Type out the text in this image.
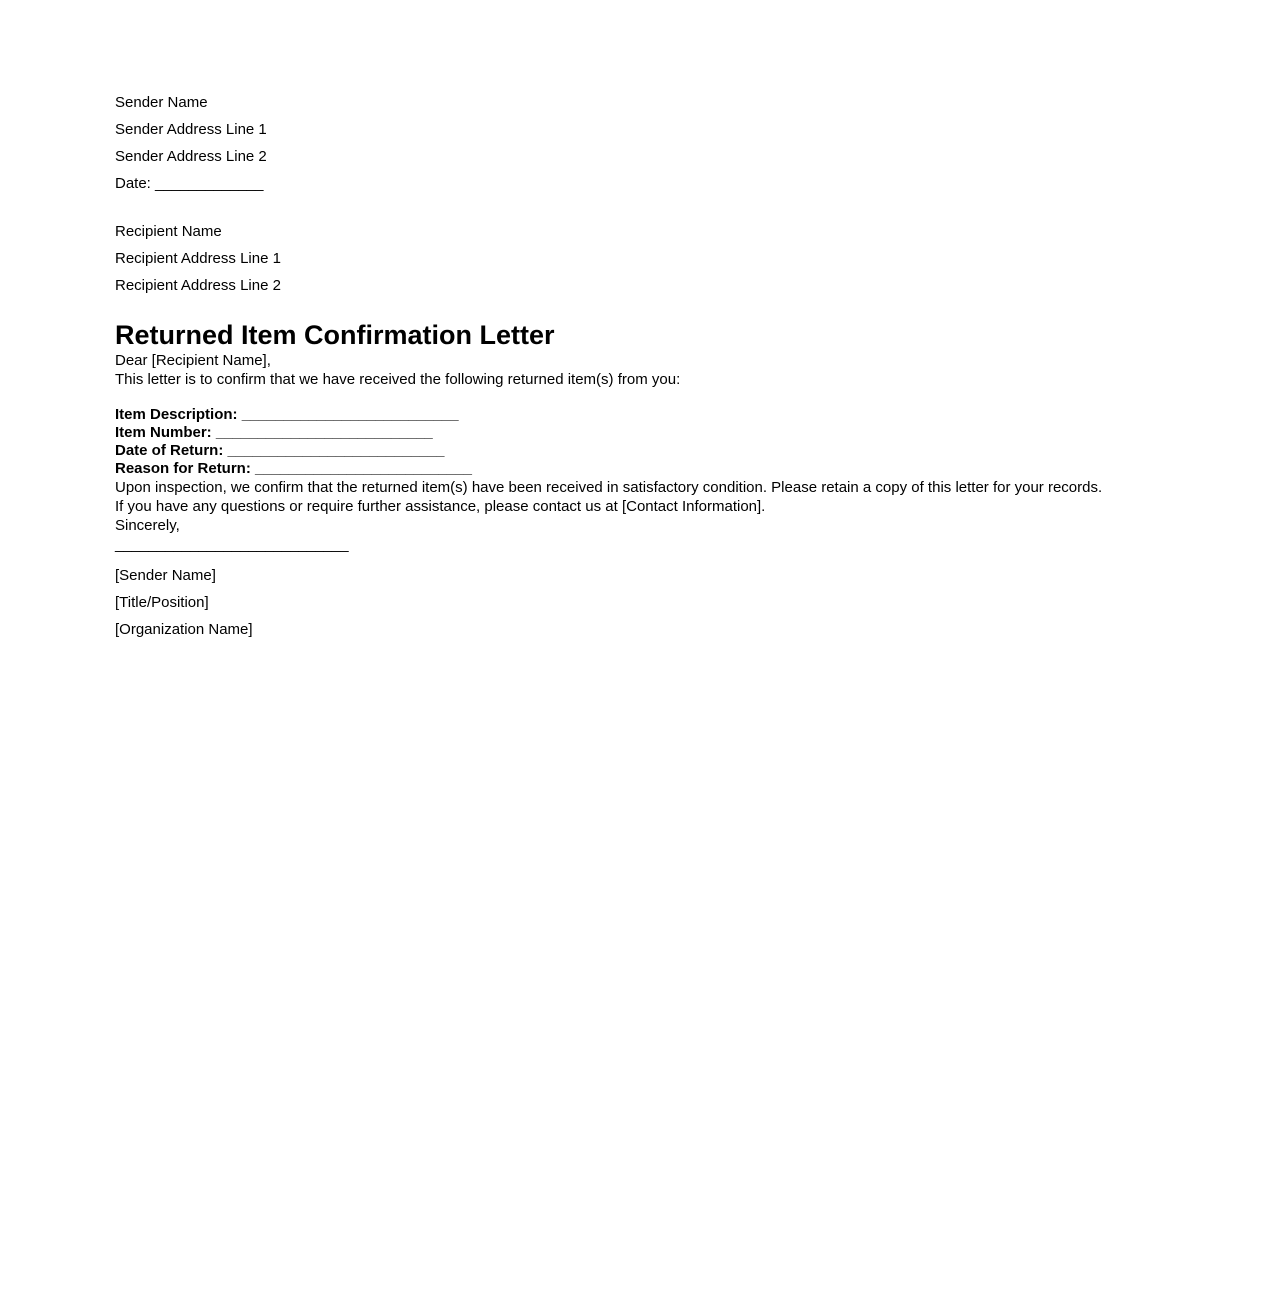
Sender Name

Sender Address Line 1

Sender Address Line 2

Date: _____________

Recipient Name

Recipient Address Line 1

Recipient Address Line 2

Returned Item Confirmation Letter

Dear [Recipient Name],

This letter is to confirm that we have received the following returned item(s) from you:

Item Description: __________________________

Item Number: __________________________

Date of Return: __________________________

Reason for Return: __________________________

Upon inspection, we confirm that the returned item(s) have been received in satisfactory condition. Please retain a copy of this letter for your records.

If you have any questions or require further assistance, please contact us at [Contact Information].

Sincerely,

____________________________

[Sender Name]

[Title/Position]

[Organization Name]
